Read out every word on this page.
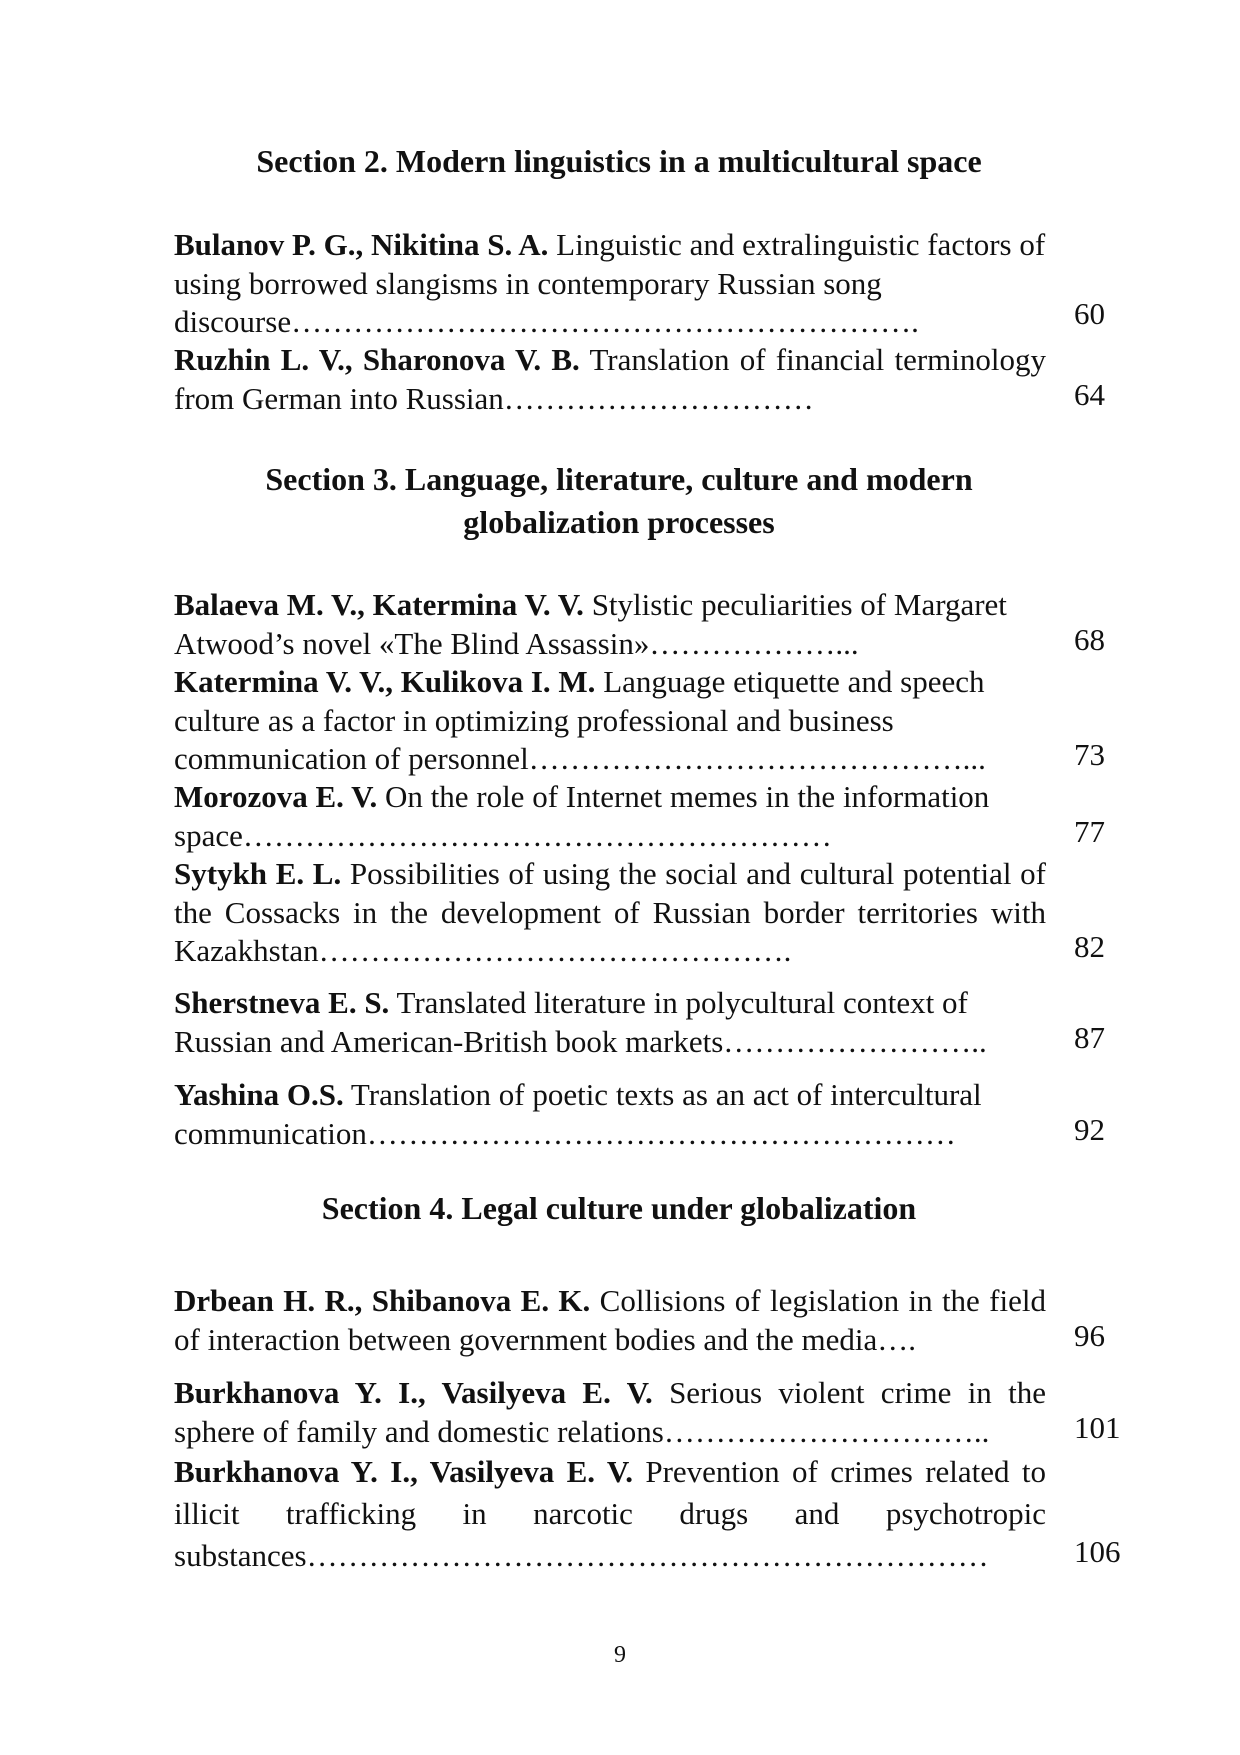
Section 2. Modern linguistics in a multicultural space
Bulanov P. G., Nikitina S. A. Linguistic and extralinguistic factors of using borrowed slangisms in contemporary Russian song discourse…………………………………………………….	60
Ruzhin L. V., Sharonova V. B. Translation of financial terminology from German into Russian…………………………	64
Section 3. Language, literature, culture and modern
globalization processes
Balaeva M. V., Katermina V. V. Stylistic peculiarities of Margaret Atwood’s novel «The Blind Assassin»………………...	68
Katermina V. V., Kulikova I. M. Language etiquette and speech culture as a factor in optimizing professional and business communication of personnel……………………………………...	73
Morozova E. V. On the role of Internet memes in the information space…………………………………………………	77
Sytykh E. L. Possibilities of using the social and cultural potential of the Cossacks in the development of Russian border territories with Kazakhstan……………………………………….	82
Sherstneva E. S. Translated literature in polycultural context of Russian and American-British book markets……………………..	87
Yashina O.S. Translation of poetic texts as an act of intercultural communication…………………………………………………	92
Section 4. Legal culture under globalization
Drbean H. R., Shibanova E. K. Collisions of legislation in the field of interaction between government bodies and the media….	96
Burkhanova Y. I., Vasilyeva E. V. Serious violent crime in the sphere of family and domestic relations…………………………..	101
Burkhanova Y. I., Vasilyeva E. V. Prevention of crimes related to illicit trafficking in narcotic drugs and psychotropic substances…………………………………………………………	106
9
